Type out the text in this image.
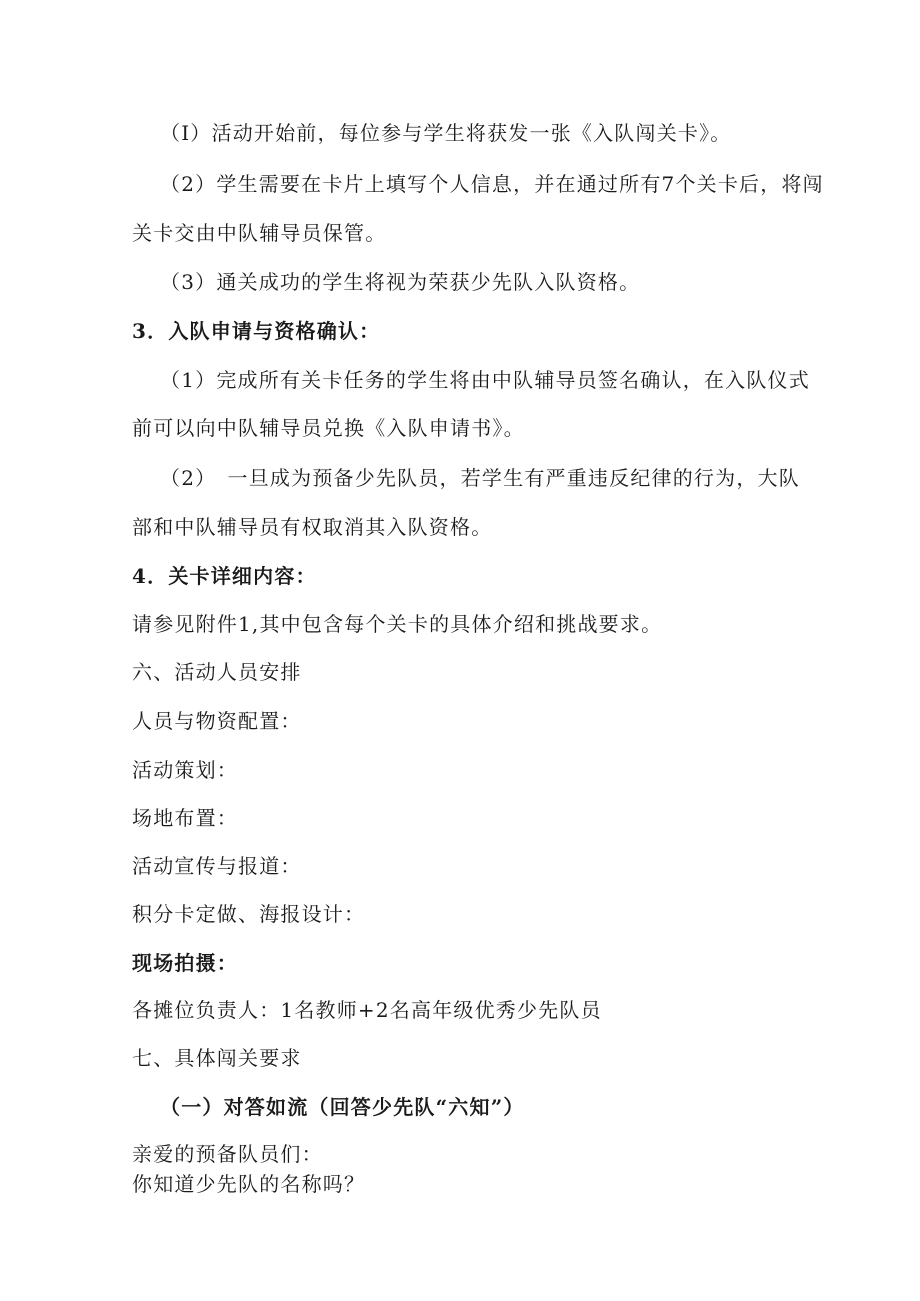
（I）活动开始前，每位参与学生将获发一张《入队闯关卡》。
（2）学生需要在卡片上填写个人信息，并在通过所有7个关卡后，将闯
关卡交由中队辅导员保管。
（3）通关成功的学生将视为荣获少先队入队资格。
3．入队申请与资格确认：
（1）完成所有关卡任务的学生将由中队辅导员签名确认，在入队仪式
前可以向中队辅导员兑换《入队申请书》。
（2）　一旦成为预备少先队员，若学生有严重违反纪律的行为，大队
部和中队辅导员有权取消其入队资格。
4．关卡详细内容：
请参见附件1,其中包含每个关卡的具体介绍和挑战要求。
六、活动人员安排
人员与物资配置：
活动策划：
场地布置：
活动宣传与报道：
积分卡定做、海报设计：
现场拍摄：
各摊位负责人：1名教师+2名高年级优秀少先队员
七、具体闯关要求
（一）对答如流（回答少先队“六知”）
亲爱的预备队员们：
你知道少先队的名称吗？
